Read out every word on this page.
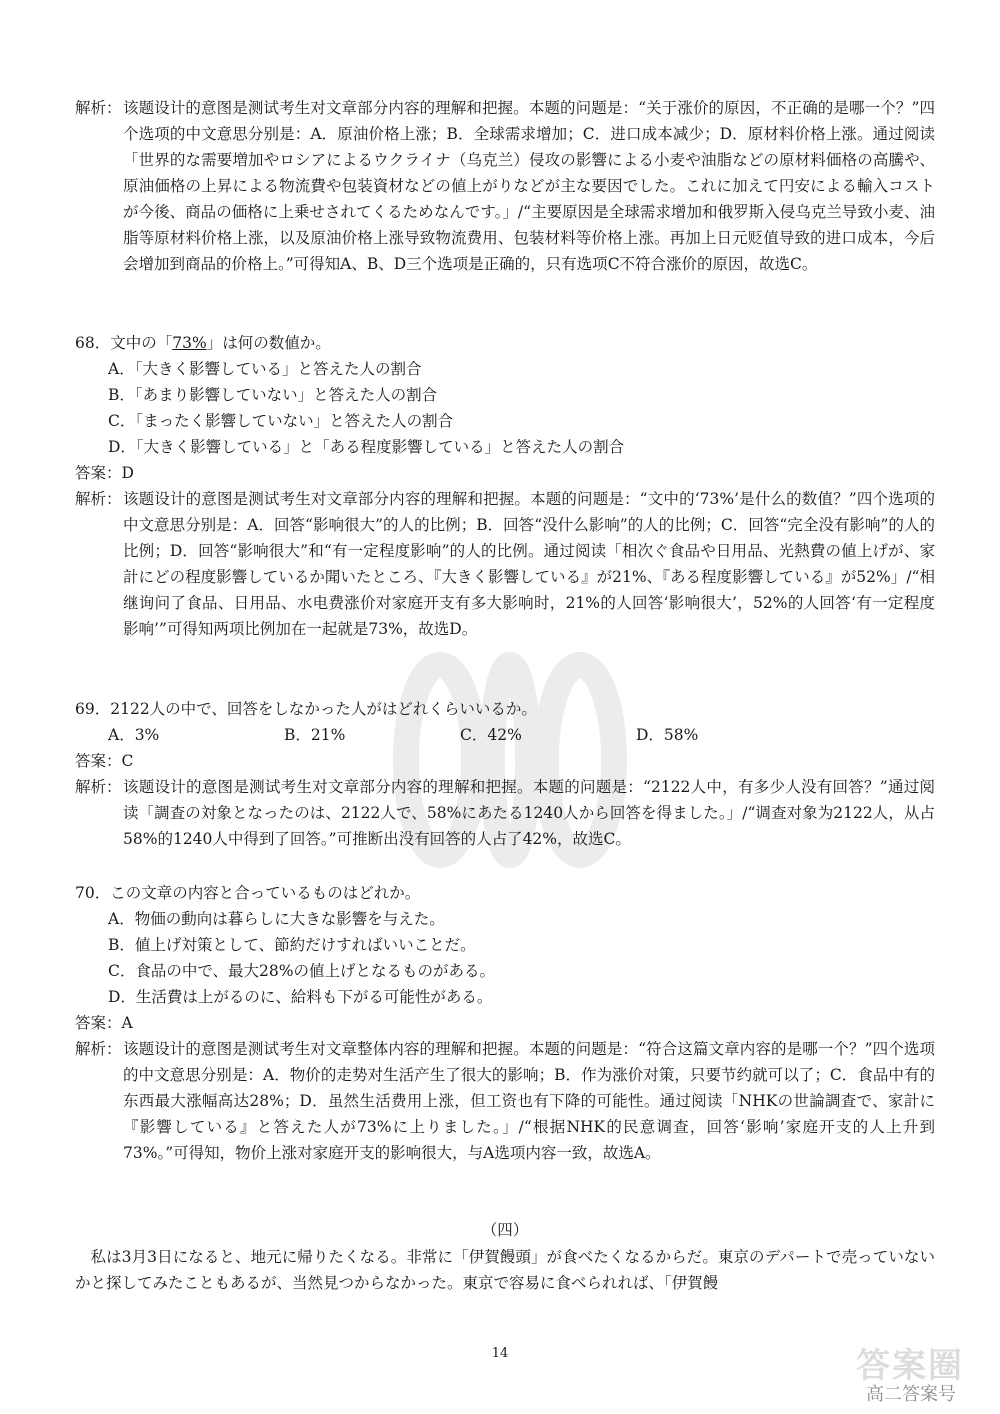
解析： 该题设计的意图是测试考生对文章部分内容的理解和把握。本题的问题是：“关于涨价的原因，不正确的是哪一个？”四个选项的中文意思分别是：A．原油价格上涨；B．全球需求增加；C．进口成本减少；D．原材料价格上涨。通过阅读「世界的な需要増加やロシアによるウクライナ（乌克兰）侵攻の影響による小麦や油脂などの原材料価格の高騰や、原油価格の上昇による物流費や包装資材などの値上がりなどが主な要因でした。これに加えて円安による輸入コストが今後、商品の価格に上乗せされてくるためなんです。」/“主要原因是全球需求增加和俄罗斯入侵乌克兰导致小麦、油脂等原材料价格上涨，以及原油价格上涨导致物流费用、包装材料等价格上涨。再加上日元贬值导致的进口成本，今后会增加到商品的价格上。”可得知A、B、D三个选项是正确的，只有选项C不符合涨价的原因，故选C。
68．文中の「73%」は何の数値か。
A．「大きく影響している」と答えた人の割合
B．「あまり影響していない」と答えた人の割合
C．「まったく影響していない」と答えた人の割合
D．「大きく影響している」と「ある程度影響している」と答えた人の割合
答案：D
解析： 该题设计的意图是测试考生对文章部分内容的理解和把握。本题的问题是：“文中的‘73%’是什么的数值？”四个选项的中文意思分别是：A．回答“影响很大”的人的比例；B．回答“没什么影响”的人的比例；C．回答“完全没有影响”的人的比例；D．回答“影响很大”和“有一定程度影响”的人的比例。通过阅读「相次ぐ食品や日用品、光熱費の値上げが、家計にどの程度影響しているか聞いたところ、『大きく影響している』が21%、『ある程度影響している』が52%」/“相继询问了食品、日用品、水电费涨价对家庭开支有多大影响时，21%的人回答‘影响很大’，52%的人回答‘有一定程度影响’”可得知两项比例加在一起就是73%，故选D。
69．2122人の中で、回答をしなかった人がはどれくらいいるか。
A．3%	B．21%	C．42%	D．58%
答案：C
解析： 该题设计的意图是测试考生对文章部分内容的理解和把握。本题的问题是：“2122人中，有多少人没有回答？”通过阅读「調査の対象となったのは、2122人で、58%にあたる1240人から回答を得ました。」/“调查对象为2122人，从占58%的1240人中得到了回答。”可推断出没有回答的人占了42%，故选C。
70．この文章の内容と合っているものはどれか。
A．物価の動向は暮らしに大きな影響を与えた。
B．値上げ対策として、節約だけすればいいことだ。
C．食品の中で、最大28%の値上げとなるものがある。
D．生活費は上がるのに、給料も下がる可能性がある。
答案：A
解析： 该题设计的意图是测试考生对文章整体内容的理解和把握。本题的问题是：“符合这篇文章内容的是哪一个？”四个选项的中文意思分别是：A．物价的走势对生活产生了很大的影响；B．作为涨价对策，只要节约就可以了；C．食品中有的东西最大涨幅高达28%；D．虽然生活费用上涨，但工资也有下降的可能性。通过阅读「NHKの世論調査で、家計に『影響している』と答えた人が73%に上りました。」/“根据NHK的民意调查，回答‘影响’家庭开支的人上升到73%。”可得知，物价上涨对家庭开支的影响很大，与A选项内容一致，故选A。
（四）
私は3月3日になると、地元に帰りたくなる。非常に「伊賀饅頭」が食べたくなるからだ。東京のデパートで売っていないかと探してみたこともあるが、当然見つからなかった。東京で容易に食べられれば、「伊賀饅
14	答案圈
高二答案号
